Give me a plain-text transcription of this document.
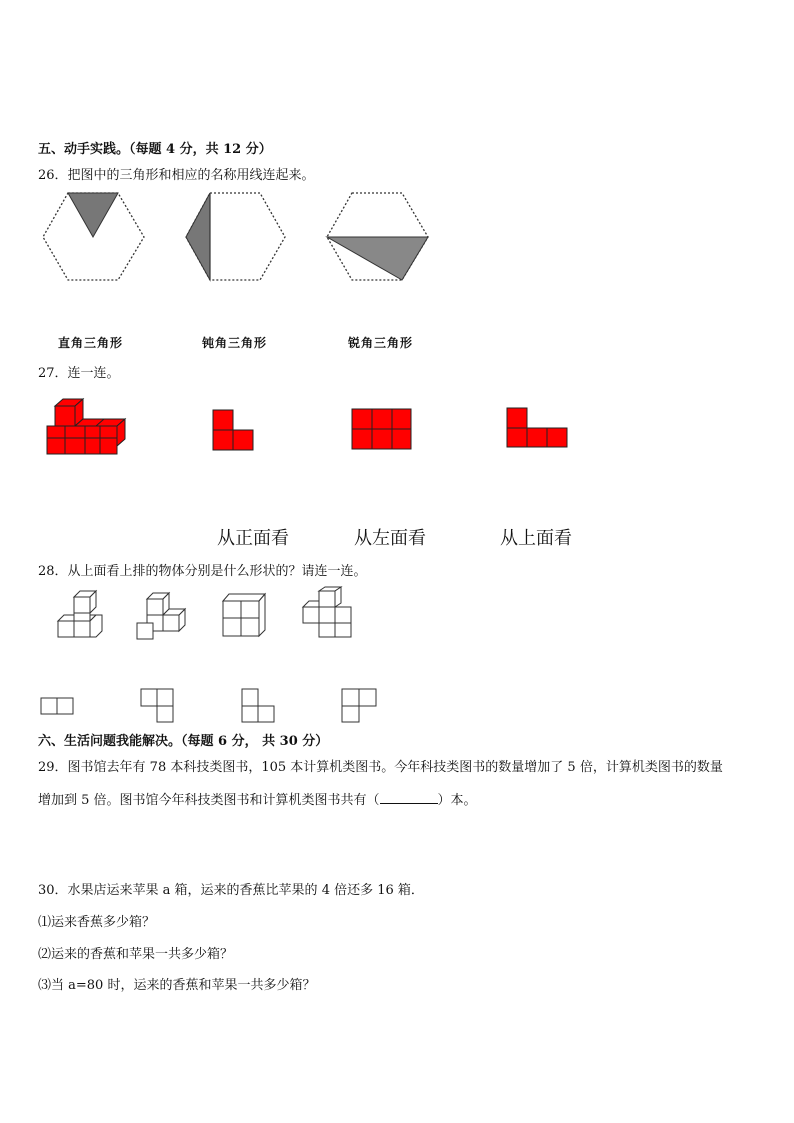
五、动手实践。（每题 4 分，共 12 分）
26．把图中的三角形和相应的名称用线连起来。
直角三角形	钝角三角形	锐角三角形
27．连一连。
从正面看	从左面看	从上面看
28．从上面看上排的物体分别是什么形状的？请连一连。
六、生活问题我能解决。（每题 6 分， 共 30 分）
29．图书馆去年有 78 本科技类图书，105 本计算机类图书。今年科技类图书的数量增加了 5 倍，计算机类图书的数量
增加到 5 倍。图书馆今年科技类图书和计算机类图书共有（	）本。
30．水果店运来苹果 a 箱，运来的香蕉比苹果的 4 倍还多 16 箱．
⑴运来香蕉多少箱？
⑵运来的香蕉和苹果一共多少箱？
⑶当 a=80 时，运来的香蕉和苹果一共多少箱？
